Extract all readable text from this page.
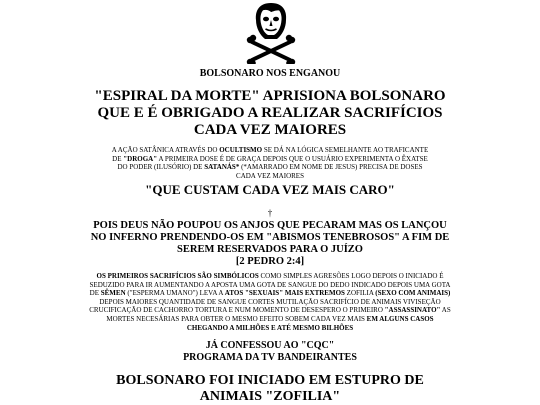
BOLSONARO NOS ENGANOU
"ESPIRAL DA MORTE" APRISIONA BOLSONARO
QUE E É OBRIGADO A REALIZAR SACRIFÍCIOS
CADA VEZ MAIORES
A AÇÃO SATÂNICA ATRAVÉS DO OCULTISMO SE DÁ NA LÓGICA SEMELHANTE AO TRAFICANTE DE "DROGA" A PRIMEIRA DOSE É DE GRAÇA DEPOIS QUE O USUÁRIO EXPERIMENTA O ÊXATSE DO PODER (ILUSÓRIO) DE SATANÁS* (*AMARRADO EM NOME DE JESUS) PRECISA DE DOSES CADA VEZ MAIORES
"QUE CUSTAM CADA VEZ MAIS CARO"
†
POIS DEUS NÃO POUPOU OS ANJOS QUE PECARAM MAS OS LANÇOU NO INFERNO PRENDENDO-OS EM "ABISMOS TENEBROSOS" A FIM DE SEREM RESERVADOS PARA O JUÍZO
[2 PEDRO 2:4]
OS PRIMEIROS SACRIFÍCIOS SÃO SIMBÓLICOS COMO SIMPLES AGRESÕES LOGO DEPOIS O INICIADO É SEDUZIDO PARA IR AUMENTANDO A APOSTA UMA GOTA DE SANGUE DO DEDO INDICADO DEPOIS UMA GOTA DE SÊMEN ("ESPERMA UMANO") LEVA A ATOS "SEXUAIS" MAIS EXTREMOS ZOFILIA (SEXO COM ANIMAIS) DEPOIS MAIORES QUANTIDADE DE SANGUE CORTES MUTILAÇÃO SACRIFÍCIO DE ANIMAIS VIVISEÇÃO CRUCIFICAÇÃO DE CACHORRO TORTURA E NUM MOMENTO DE DESESPERO O PRIMEIRO "ASSASSINATO" AS MORTES NECESÁRIAS PARA OBTER O MESMO EFEITO SOBEM CADA VEZ MAIS EM ALGUNS CASOS CHEGANDO A MILHÕES E ATÉ MESMO BILHÕES
JÁ CONFESSOU AO "CQC"
PROGRAMA DA TV BANDEIRANTES
BOLSONARO FOI INICIADO EM ESTUPRO DE
ANIMAIS "ZOFILIA"
